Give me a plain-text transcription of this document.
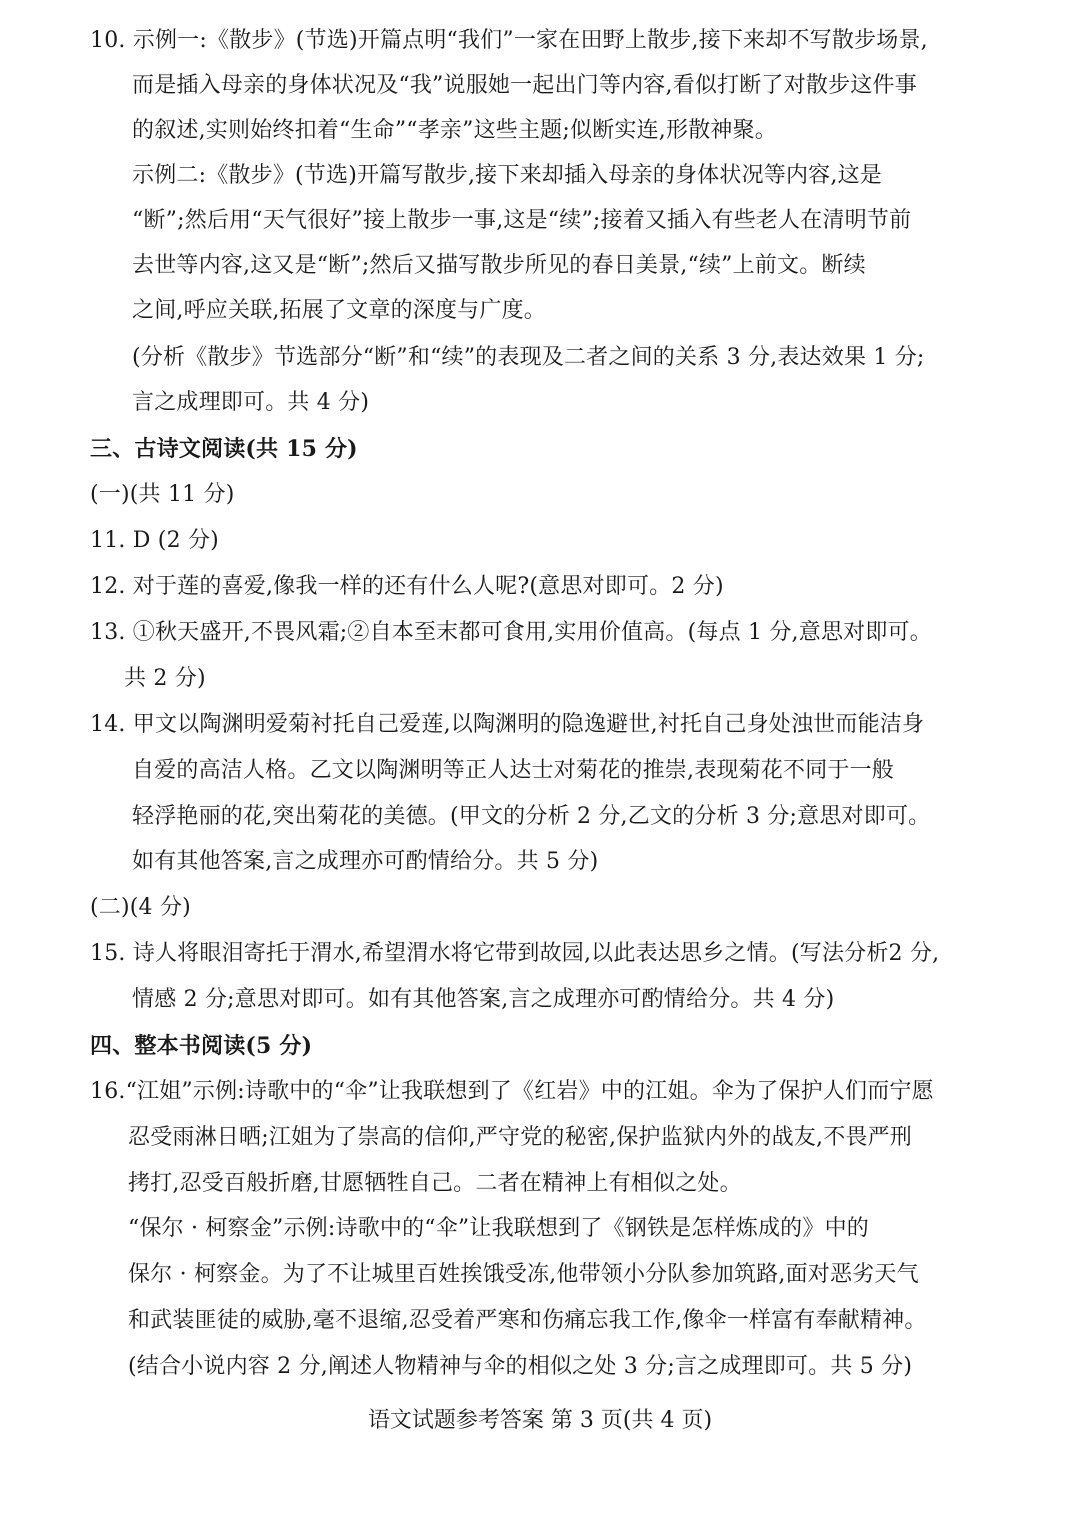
10. 示例一:《散步》(节选)开篇点明“我们”一家在田野上散步,接下来却不写散步场景,
而是插入母亲的身体状况及“我”说服她一起出门等内容,看似打断了对散步这件事
的叙述,实则始终扣着“生命”“孝亲”这些主题;似断实连,形散神聚。
示例二:《散步》(节选)开篇写散步,接下来却插入母亲的身体状况等内容,这是
“断”;然后用“天气很好”接上散步一事,这是“续”;接着又插入有些老人在清明节前
去世等内容,这又是“断”;然后又描写散步所见的春日美景,“续”上前文。断续
之间,呼应关联,拓展了文章的深度与广度。
(分析《散步》节选部分“断”和“续”的表现及二者之间的关系 3 分,表达效果 1 分;
言之成理即可。共 4 分)
三、古诗文阅读(共 15 分)
(一)(共 11 分)
11. D (2 分)
12. 对于莲的喜爱,像我一样的还有什么人呢?(意思对即可。2 分)
13. ①秋天盛开,不畏风霜;②自本至末都可食用,实用价值高。(每点 1 分,意思对即可。
共 2 分)
14. 甲文以陶渊明爱菊衬托自己爱莲,以陶渊明的隐逸避世,衬托自己身处浊世而能洁身
自爱的高洁人格。乙文以陶渊明等正人达士对菊花的推崇,表现菊花不同于一般
轻浮艳丽的花,突出菊花的美德。(甲文的分析 2 分,乙文的分析 3 分;意思对即可。
如有其他答案,言之成理亦可酌情给分。共 5 分)
(二)(4 分)
15. 诗人将眼泪寄托于渭水,希望渭水将它带到故园,以此表达思乡之情。(写法分析2 分,
情感 2 分;意思对即可。如有其他答案,言之成理亦可酌情给分。共 4 分)
四、整本书阅读(5 分)
16.“江姐”示例:诗歌中的“伞”让我联想到了《红岩》中的江姐。伞为了保护人们而宁愿
忍受雨淋日晒;江姐为了崇高的信仰,严守党的秘密,保护监狱内外的战友,不畏严刑
拷打,忍受百般折磨,甘愿牺牲自己。二者在精神上有相似之处。
“保尔 · 柯察金”示例:诗歌中的“伞”让我联想到了《钢铁是怎样炼成的》中的
保尔 · 柯察金。为了不让城里百姓挨饿受冻,他带领小分队参加筑路,面对恶劣天气
和武装匪徒的威胁,毫不退缩,忍受着严寒和伤痛忘我工作,像伞一样富有奉献精神。
(结合小说内容 2 分,阐述人物精神与伞的相似之处 3 分;言之成理即可。共 5 分)
语文试题参考答案 第 3 页(共 4 页)
